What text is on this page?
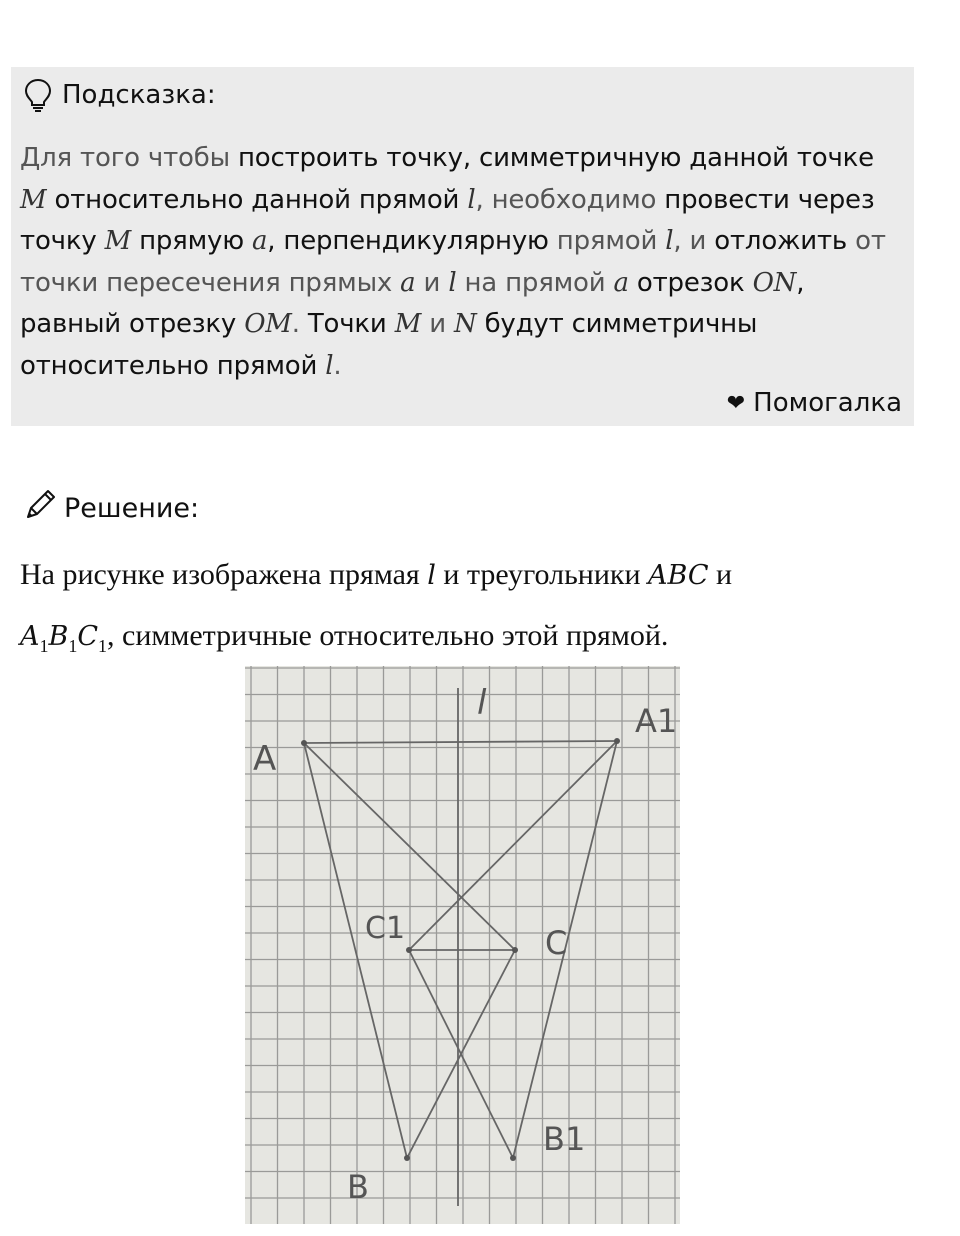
Подсказка:
Для того чтобы построить точку, симметричную данной точке M относительно данной прямой l, необходимо провести через точку M прямую a, перпендикулярную прямой l, и отложить от точки пересечения прямых a и l на прямой a отрезок ON, равный отрезку OM. Точки M и N будут симметричны относительно прямой l.
❤ Помогалка
Решение:
На рисунке изображена прямая l и треугольники ABC и
$A_1B_1C_1$, симметричные относительно этой прямой.
l
A
A1
B
B1
C
C1
